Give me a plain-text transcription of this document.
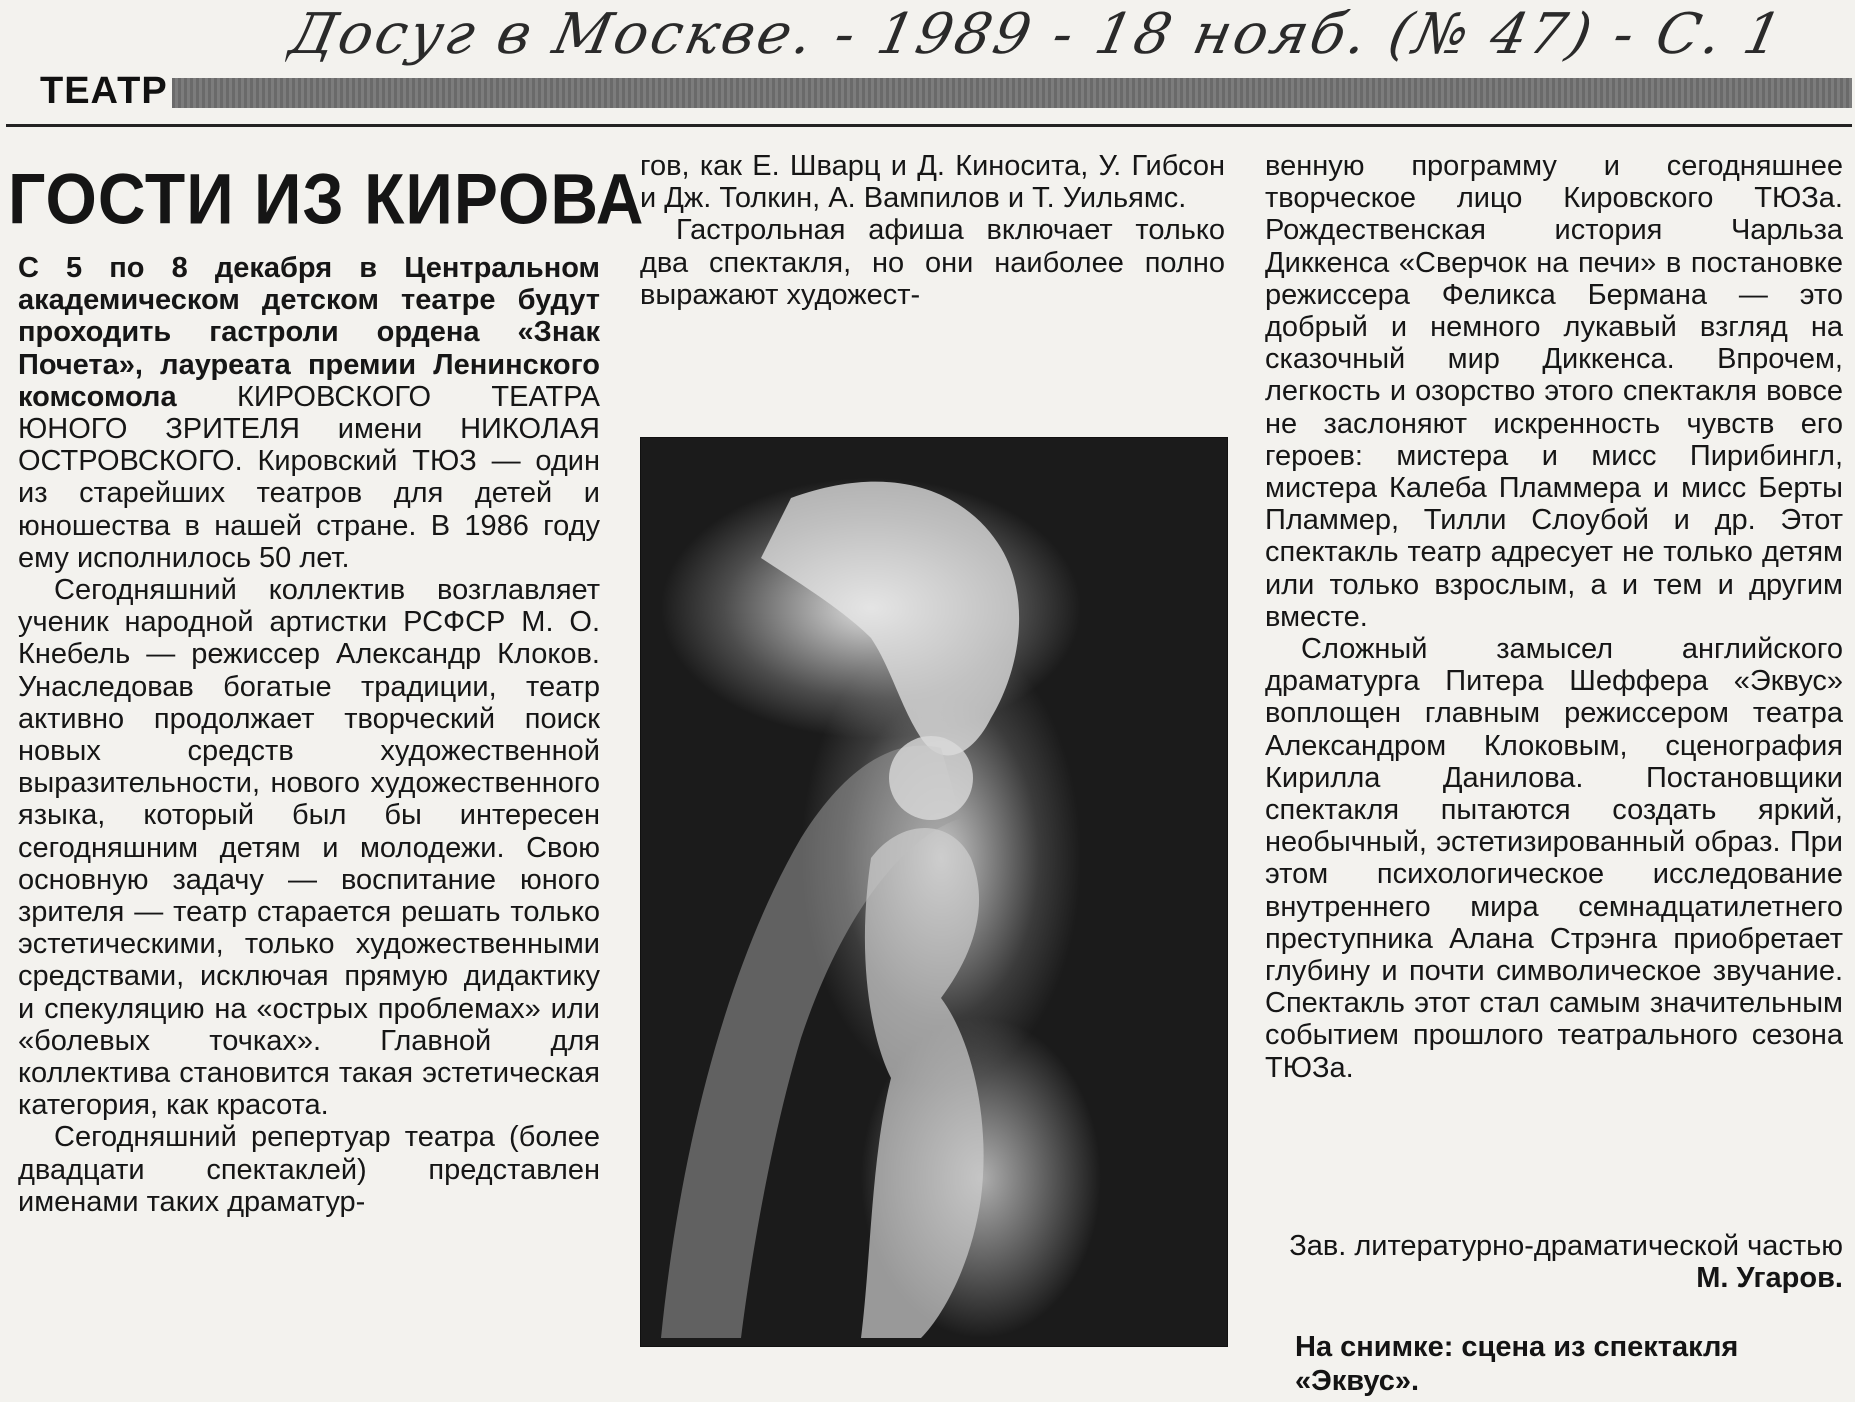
Досуг в Москве. - 1989 - 18 нояб. (№ 47) - С. 1
ТЕАТР
ГОСТИ ИЗ КИРОВА

С 5 по 8 декабря в Центральном академическом детском театре будут проходить гастроли ордена «Знак Почета», лауреата премии Ленинского комсомола КИРОВСКОГО ТЕАТРА ЮНОГО ЗРИТЕЛЯ имени НИКОЛАЯ ОСТРОВСКОГО. Кировский ТЮЗ — один из старейших театров для детей и юношества в нашей стране. В 1986 году ему исполнилось 50 лет.

Сегодняшний коллектив возглавляет ученик народной артистки РСФСР М. О. Кнебель — режиссер Александр Клоков. Унаследовав богатые традиции, театр активно продолжает творческий поиск новых средств художественной выразительности, нового художественного языка, который был бы интересен сегодняшним детям и молодежи. Свою основную задачу — воспитание юного зрителя — театр старается решать только эстетическими, только художественными средствами, исключая прямую дидактику и спекуляцию на «острых проблемах» или «болевых точках». Главной для коллектива становится такая эстетическая категория, как красота.

Сегодняшний репертуар театра (более двадцати спектаклей) представлен именами таких драматур-

гов, как Е. Шварц и Д. Киносита, У. Гибсон и Дж. Толкин, А. Вампилов и Т. Уильямс.

Гастрольная афиша включает только два спектакля, но они наиболее полно выражают художест-

венную программу и сегодняшнее творческое лицо Кировского ТЮЗа. Рождественская история Чарльза Диккенса «Сверчок на печи» в постановке режиссера Феликса Бермана — это добрый и немного лукавый взгляд на сказочный мир Диккенса. Впрочем, легкость и озорство этого спектакля вовсе не заслоняют искренность чувств его героев: мистера и мисс Пирибингл, мистера Калеба Пламмера и мисс Берты Пламмер, Тилли Слоубой и др. Этот спектакль театр адресует не только детям или только взрослым, а и тем и другим вместе.

Сложный замысел английского драматурга Питера Шеффера «Эквус» воплощен главным режиссером театра Александром Клоковым, сценография Кирилла Данилова. Постановщики спектакля пытаются создать яркий, необычный, эстетизированный образ. При этом психологическое исследование внутреннего мира семнадцатилетнего преступника Алана Стрэнга приобретает глубину и почти символическое звучание. Спектакль этот стал самым значительным событием прошлого театрального сезона ТЮЗа.

Зав. литературно-драматической частью М. Угаров.
На снимке: сцена из спектакля «Эквус».
